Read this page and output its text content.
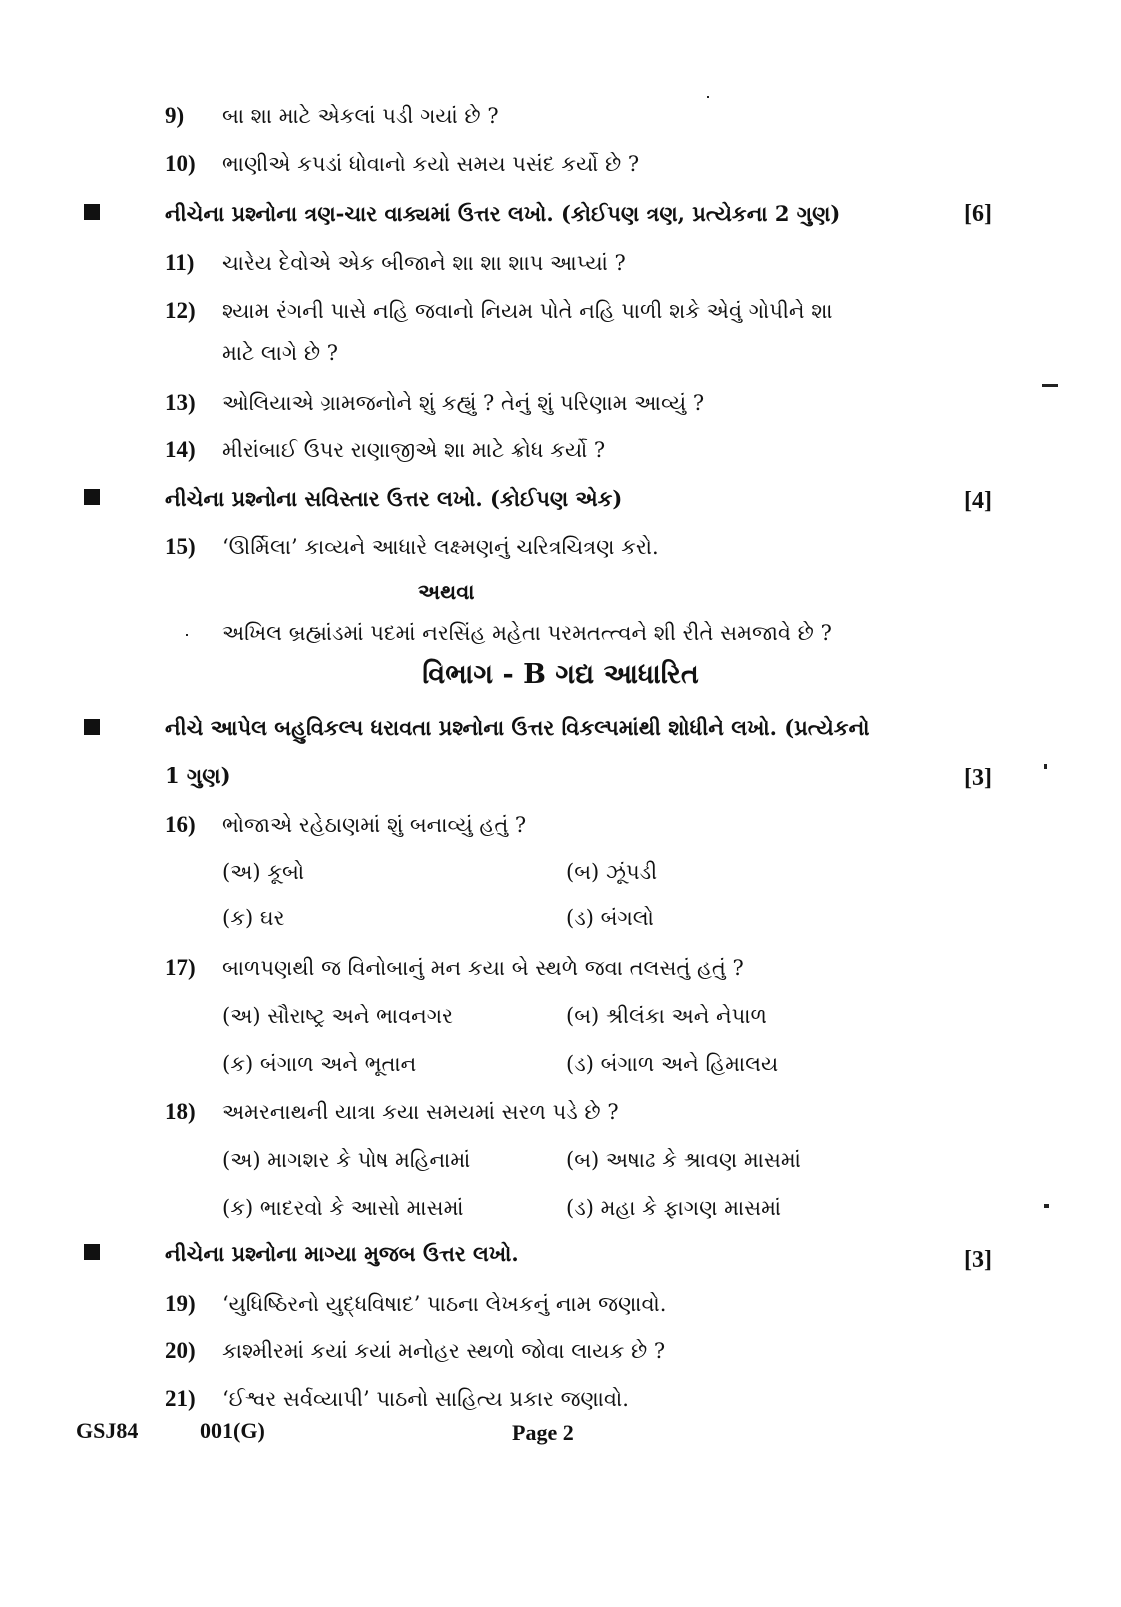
9) બા શા માટે એકલાં પડી ગયાં છે ?
10) ભાણીએ કપડાં ધોવાનો કયો સમય પસંદ કર્યો છે ?
નીચેના પ્રશ્નોના ત્રણ-ચાર વાક્યમાં ઉત્તર લખો. (કોઈપણ ત્રણ, પ્રત્યેકના 2 ગુણ)	[6]
11) ચારેય દેવોએ એક બીજાને શા શા શાપ આપ્યાં ?
12) શ્યામ રંગની પાસે નહિ જવાનો નિયમ પોતે નહિ પાળી શકે એવું ગોપીને શા
માટે લાગે છે ?
13) ઓલિયાએ ગ્રામજનોને શું કહ્યું ? તેનું શું પરિણામ આવ્યું ?
14) મીરાંબાઈ ઉપર રાણાજીએ શા માટે ક્રોધ કર્યો ?
નીચેના પ્રશ્નોના સવિસ્તાર ઉત્તર લખો. (કોઈપણ એક)	[4]
15) ‘ઊર્મિલા’ કાવ્યને આધારે લક્ષ્મણનું ચરિત્રચિત્રણ કરો.
અથવા
અખિલ બ્રહ્માંડમાં પદમાં નરસિંહ મહેતા પરમતત્ત્વને શી રીતે સમજાવે છે ?
વિભાગ - B ગદ્ય આધારિત
નીચે આપેલ બહુવિકલ્પ ધરાવતા પ્રશ્નોના ઉત્તર વિકલ્પમાંથી શોધીને લખો. (પ્રત્યેકનો
1 ગુણ)	[3]
16) ભોજાએ રહેઠાણમાં શું બનાવ્યું હતું ?
(અ) કૂબો	(બ) ઝૂંપડી
(ક) ઘર	(ડ) બંગલો
17) બાળપણથી જ વિનોબાનું મન કયા બે સ્થળે જવા તલસતું હતું ?
(અ) સૌરાષ્ટ્ર અને ભાવનગર	(બ) શ્રીલંકા અને નેપાળ
(ક) બંગાળ અને ભૂતાન	(ડ) બંગાળ અને હિમાલય
18) અમરનાથની યાત્રા કયા સમયમાં સરળ પડે છે ?
(અ) માગશર કે પોષ મહિનામાં	(બ) અષાઢ કે શ્રાવણ માસમાં
(ક) ભાદરવો કે આસો માસમાં	(ડ) મહા કે ફાગણ માસમાં
નીચેના પ્રશ્નોના માગ્યા મુજબ ઉત્તર લખો.	[3]
19) ‘યુધિષ્ઠિરનો યુદ્ધવિષાદ’ પાઠના લેખકનું નામ જણાવો.
20) કાશ્મીરમાં કયાં કયાં મનોહર સ્થળો જોવા લાયક છે ?
21) ‘ઈશ્વર સર્વવ્યાપી’ પાઠનો સાહિત્ય પ્રકાર જણાવો.
GSJ84	001(G)	Page 2
